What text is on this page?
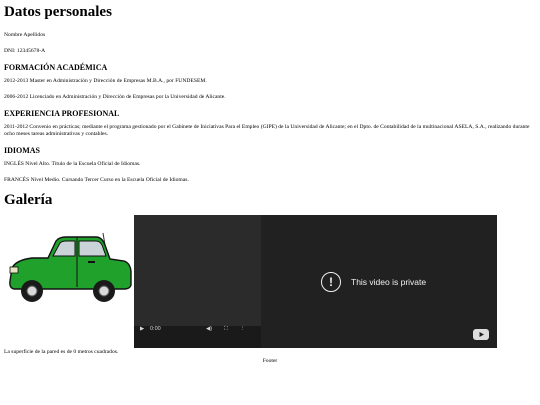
Datos personales

Nombre Apellidos

DNI: 12345678-A

FORMACIÓN ACADÉMICA

2012-2013 Master en Administración y Dirección de Empresas M.B.A., por FUNDESEM.

2006-2012 Licenciado en Administración y Dirección de Empresas por la Universidad de Alicante.

EXPERIENCIA PROFESIONAL

2011-2012 Convenio en prácticas; mediante el programa gestionado por el Gabinete de Iniciativas Para el Empleo (GIPE) de la Universidad de Alicante; en el Dpto. de Contabilidad de la multinacional ASELA, S.A., realizando durante ocho meses tareas administrativas y contables.

IDIOMAS

INGLÉS Nivel Alto. Título de la Escuela Oficial de Idiomas.

FRANCÉS Nivel Medio. Cursando Tercer Curso en la Escuela Oficial de Idiomas.

Galería
▶	0:00	◀)	⛶	⋮
!	This video is private

La superficie de la pared es de 0 metros cuadrados.

Footer
